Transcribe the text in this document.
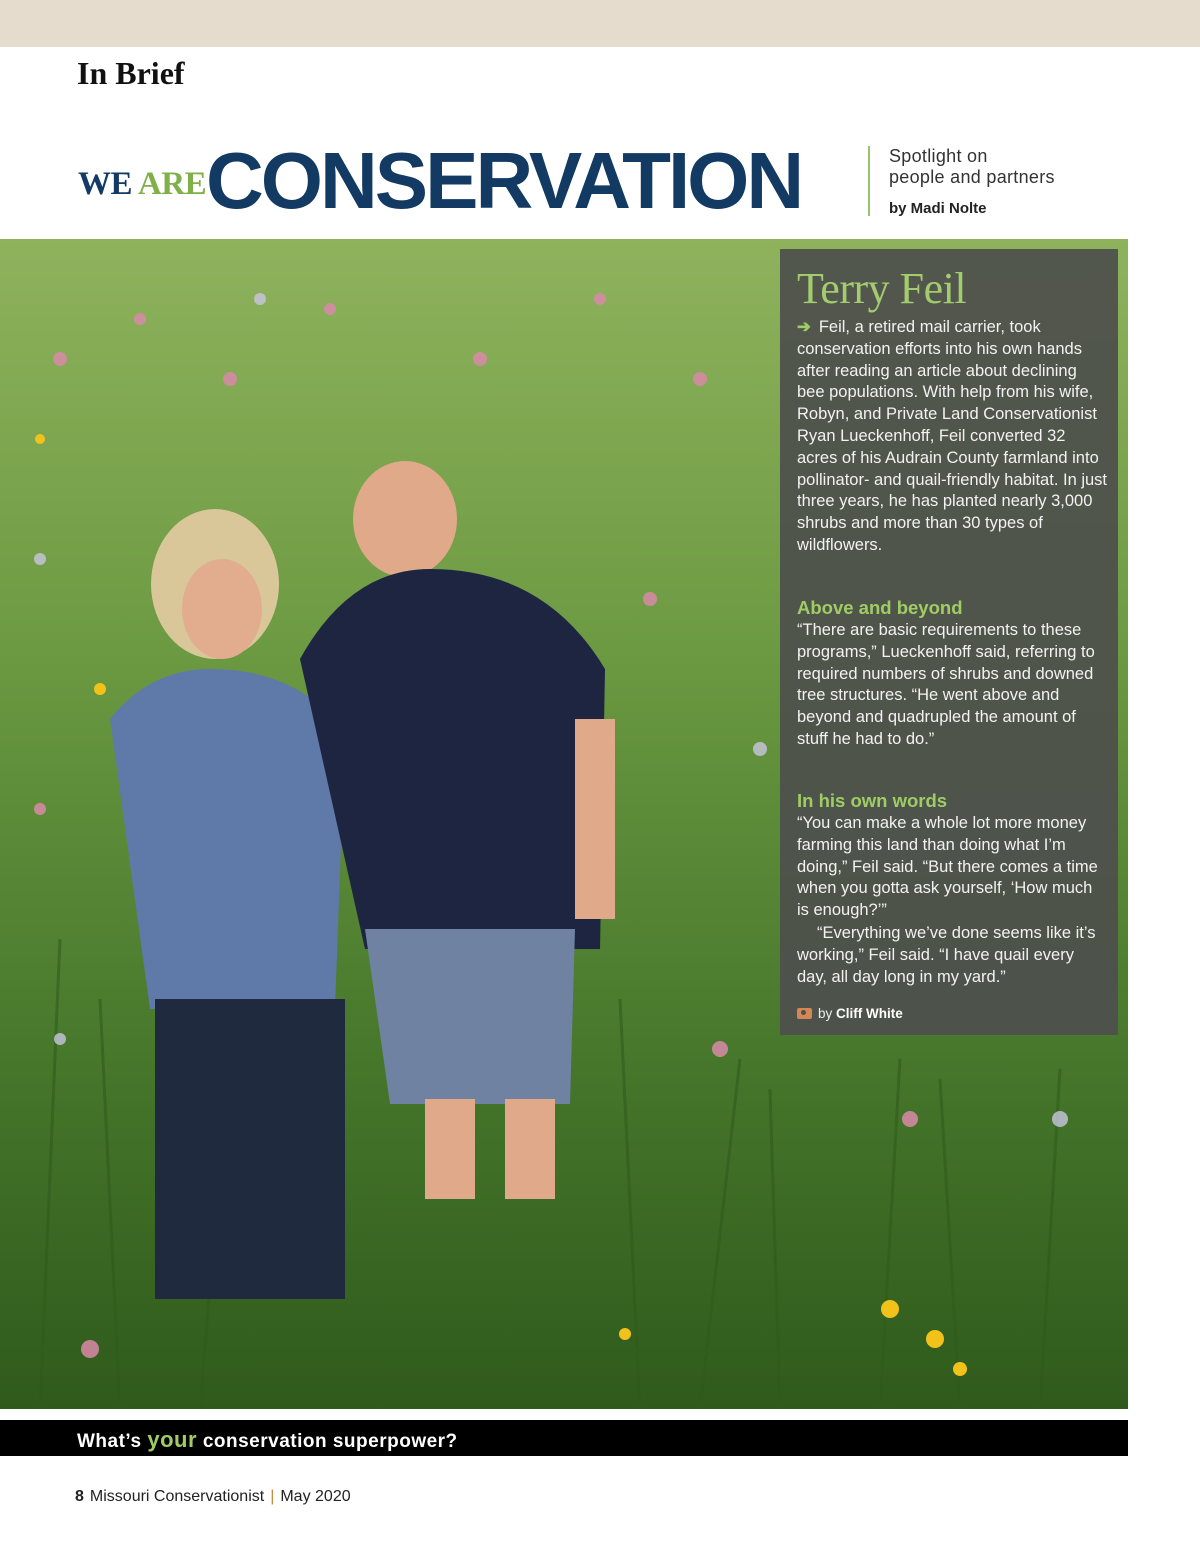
In Brief
WE ARE CONSERVATION	Spotlight on
people and partners
by Madi Nolte
Terry Feil
➔ Feil, a retired mail carrier, took conservation efforts into his own hands after reading an article about declining bee populations. With help from his wife, Robyn, and Private Land Conservationist Ryan Lueckenhoff, Feil converted 32 acres of his Audrain County farmland into pollinator- and quail-friendly habitat. In just three years, he has planted nearly 3,000 shrubs and more than 30 types of wildflowers.
Above and beyond
“There are basic requirements to these programs,” Lueckenhoff said, referring to required numbers of shrubs and downed tree structures. “He went above and beyond and quadrupled the amount of stuff he had to do.”
In his own words
“You can make a whole lot more money farming this land than doing what I’m doing,” Feil said. “But there comes a time when you gotta ask yourself, ‘How much is enough?’”
“Everything we’ve done seems like it’s working,” Feil said. “I have quail every day, all day long in my yard.”
by Cliff White
What’s your conservation superpower?
8 Missouri Conservationist | May 2020
